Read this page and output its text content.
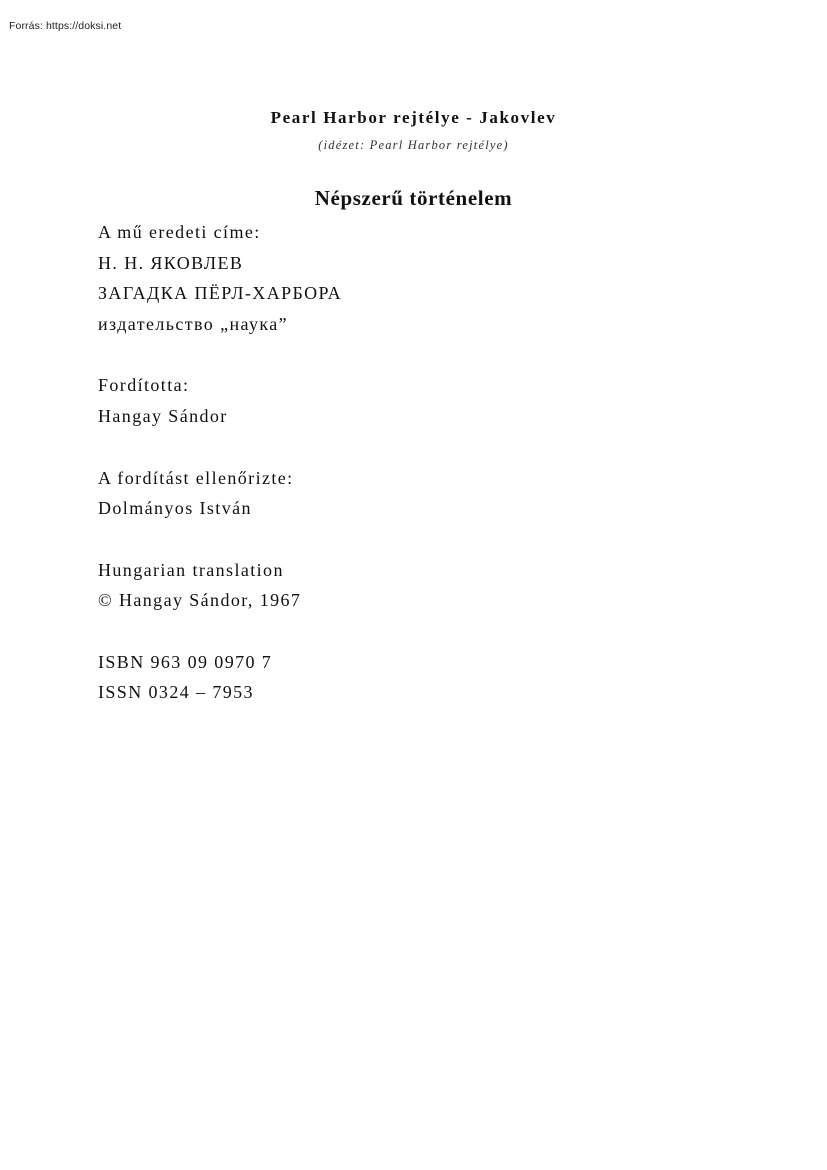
Forrás: https://doksi.net
Pearl Harbor rejtélye - Jakovlev
(idézet: Pearl Harbor rejtélye)
Népszerű történelem
A mű eredeti címe:
Н. Н. ЯКОВЛЕВ
ЗАГАДКА ПЁРЛ-ХАРБОРА
издательство „наука”
Fordította:
Hangay Sándor
A fordítást ellenőrizte:
Dolmányos István
Hungarian translation
© Hangay Sándor, 1967
ISBN 963 09 0970 7
ISSN 0324 – 7953
